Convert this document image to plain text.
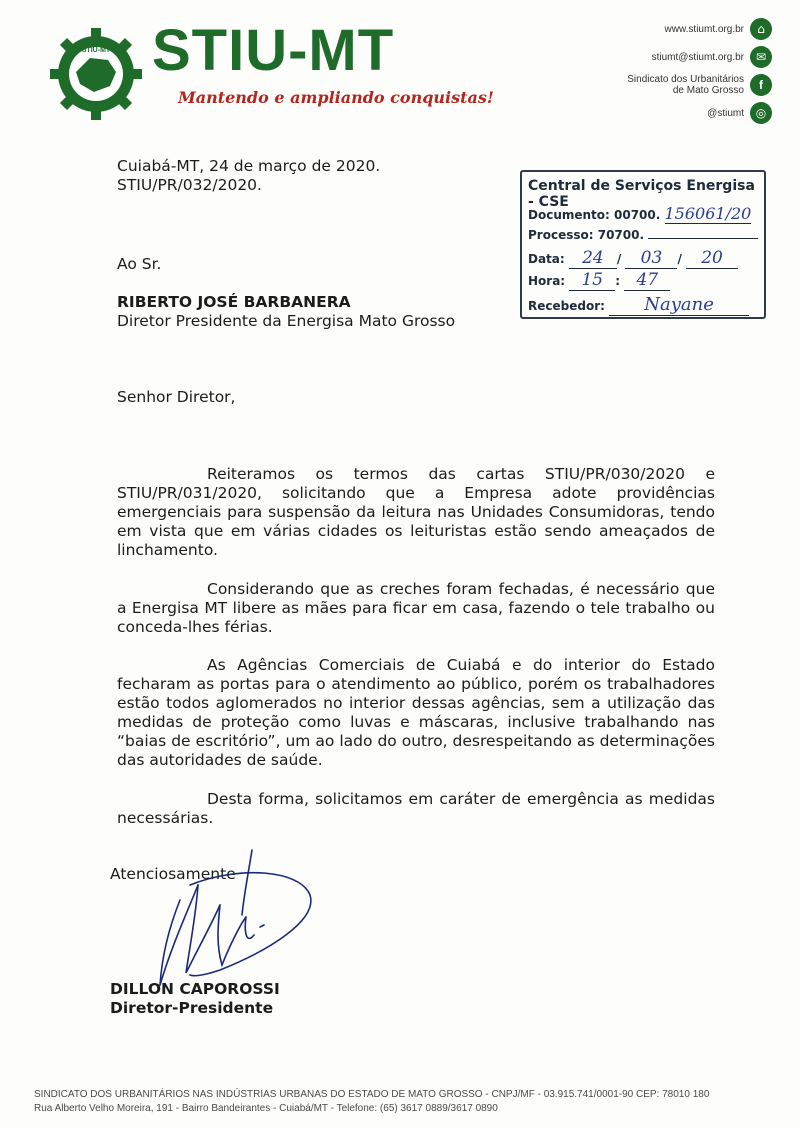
STIU-MT STIU-MT
Mantendo e ampliando conquistas!
www.stiumt.org.br	⌂
stiumt@stiumt.org.br ✉
Sindicato dos Urbanitários de Mato Grosso	f
@stiumt ◎
Cuiabá-MT, 24 de março de 2020.
STIU/PR/032/2020.	Central de Serviços Energisa - CSE
Documento: 00700. 156061/20
Processo: 70700.
Data: 24 / 03 / 20
Hora: 15 : 47
Recebedor: Nayane
Ao Sr.
RIBERTO JOSÉ BARBANERA
Diretor Presidente da Energisa Mato Grosso
Senhor Diretor,
Reiteramos os termos das cartas STIU/PR/030/2020 e STIU/PR/031/2020, solicitando que a Empresa adote providências emergenciais para suspensão da leitura nas Unidades Consumidoras, tendo em vista que em várias cidades os leituristas estão sendo ameaçados de linchamento.
Considerando que as creches foram fechadas, é necessário que a Energisa MT libere as mães para ficar em casa, fazendo o tele trabalho ou conceda-lhes férias.
As Agências Comerciais de Cuiabá e do interior do Estado fecharam as portas para o atendimento ao público, porém os trabalhadores estão todos aglomerados no interior dessas agências, sem a utilização das medidas de proteção como luvas e máscaras, inclusive trabalhando nas “baias de escritório”, um ao lado do outro, desrespeitando as determinações das autoridades de saúde.
Desta forma, solicitamos em caráter de emergência as medidas necessárias.
Atenciosamente
DILLON CAPOROSSI
Diretor-Presidente
SINDICATO DOS URBANITÁRIOS NAS INDÚSTRIAS URBANAS DO ESTADO DE MATO GROSSO - CNPJ/MF - 03.915.741/0001-90 CEP: 78010 180
Rua Alberto Velho Moreira, 191 - Bairro Bandeirantes - Cuiabá/MT - Telefone: (65) 3617 0889/3617 0890
